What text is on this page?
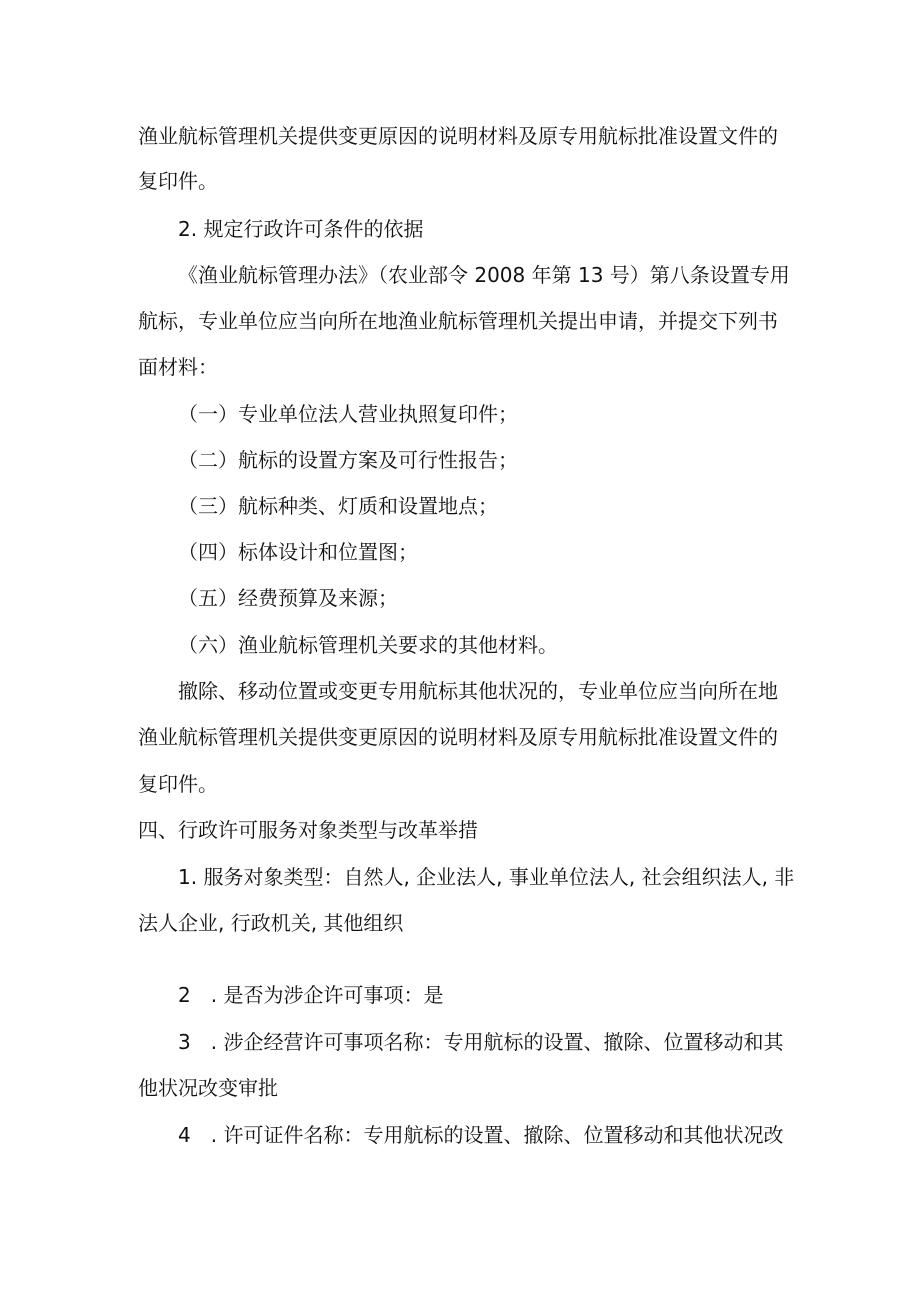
渔业航标管理机关提供变更原因的说明材料及原专用航标批准设置文件的
复印件。
2. 规定行政许可条件的依据
《渔业航标管理办法》（农业部令 2008 年第 13 号）第八条设置专用
航标，专业单位应当向所在地渔业航标管理机关提出申请，并提交下列书
面材料：
（一）专业单位法人营业执照复印件；
（二）航标的设置方案及可行性报告；
（三）航标种类、灯质和设置地点；
（四）标体设计和位置图；
（五）经费预算及来源；
（六）渔业航标管理机关要求的其他材料。
撤除、移动位置或变更专用航标其他状况的，专业单位应当向所在地
渔业航标管理机关提供变更原因的说明材料及原专用航标批准设置文件的
复印件。
四、行政许可服务对象类型与改革举措
1. 服务对象类型：自然人, 企业法人, 事业单位法人, 社会组织法人, 非
法人企业, 行政机关, 其他组织
2　. 是否为涉企许可事项：是
3　. 涉企经营许可事项名称：专用航标的设置、撤除、位置移动和其
他状况改变审批
4　. 许可证件名称：专用航标的设置、撤除、位置移动和其他状况改
